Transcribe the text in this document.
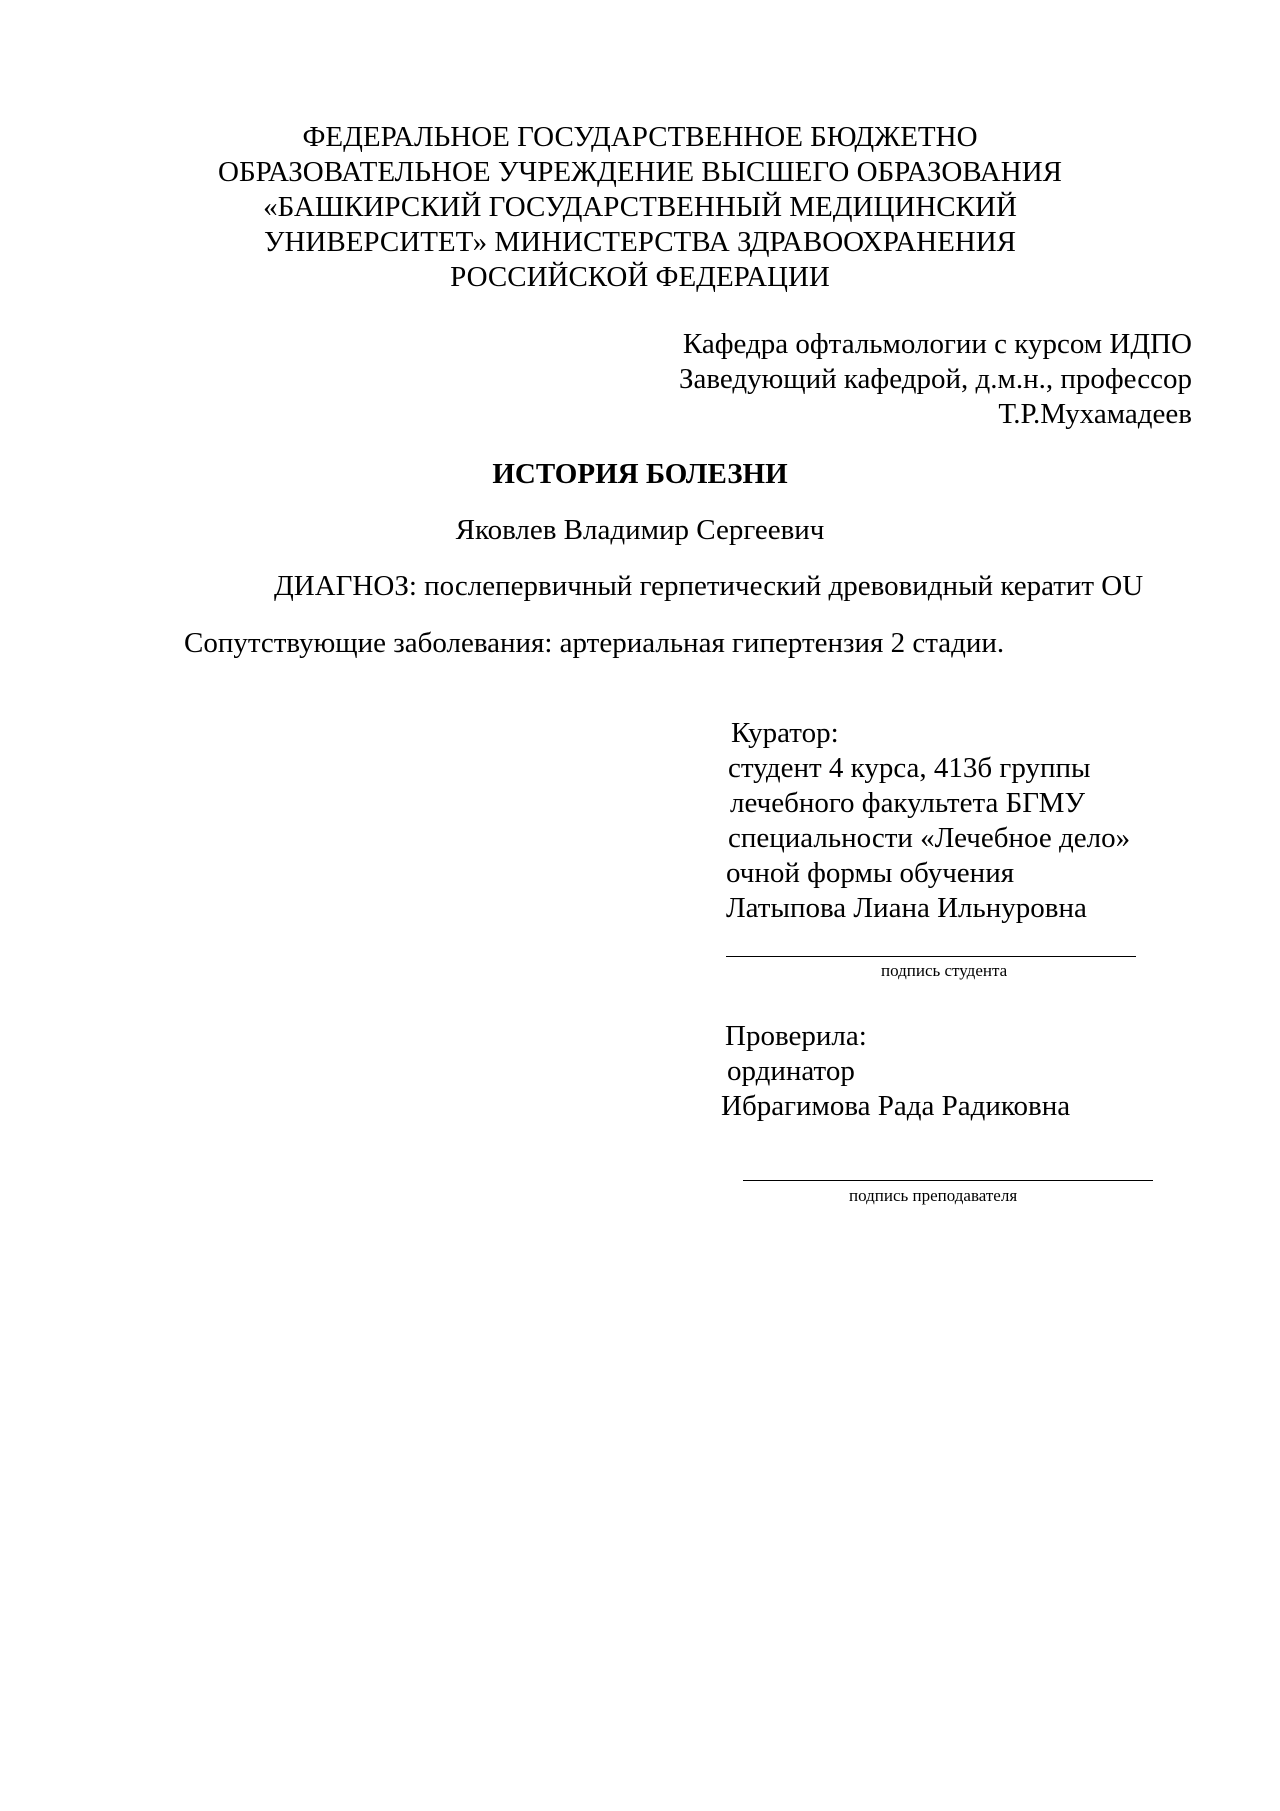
ФЕДЕРАЛЬНОЕ ГОСУДАРСТВЕННОЕ БЮДЖЕТНО
ОБРАЗОВАТЕЛЬНОЕ УЧРЕЖДЕНИЕ ВЫСШЕГО ОБРАЗОВАНИЯ
«БАШКИРСКИЙ ГОСУДАРСТВЕННЫЙ МЕДИЦИНСКИЙ
УНИВЕРСИТЕТ» МИНИСТЕРСТВА ЗДРАВООХРАНЕНИЯ
РОССИЙСКОЙ ФЕДЕРАЦИИ
Кафедра офтальмологии с курсом ИДПО
Заведующий кафедрой, д.м.н., профессор
Т.Р.Мухамадеев
ИСТОРИЯ БОЛЕЗНИ
Яковлев Владимир Сергеевич
ДИАГНОЗ: послепервичный герпетический древовидный кератит OU
Сопутствующие заболевания: артериальная гипертензия 2 стадии.
Куратор:
студент 4 курса, 413б группы
лечебного факультета БГМУ
специальности «Лечебное дело»
очной формы обучения
Латыпова Лиана Ильнуровна
подпись студента
Проверила:
ординатор
Ибрагимова Рада Радиковна
подпись преподавателя
